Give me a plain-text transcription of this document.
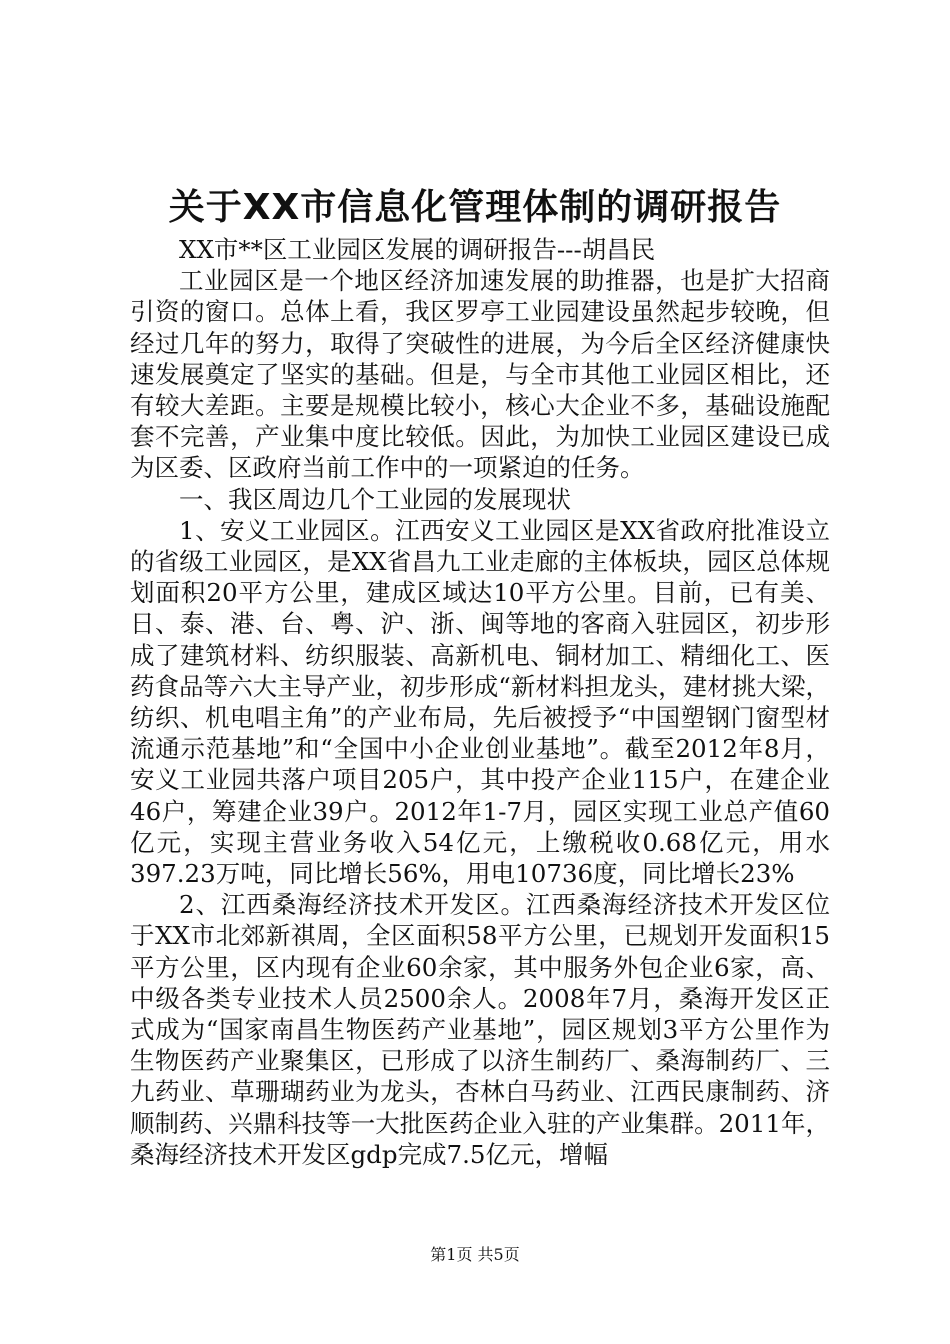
关于XX市信息化管理体制的调研报告

XX市**区工业园区发展的调研报告---胡昌民

工业园区是一个地区经济加速发展的助推器，也是扩大招商引资的窗口。总体上看，我区罗亭工业园建设虽然起步较晚，但经过几年的努力，取得了突破性的进展，为今后全区经济健康快速发展奠定了坚实的基础。但是，与全市其他工业园区相比，还有较大差距。主要是规模比较小，核心大企业不多，基础设施配套不完善，产业集中度比较低。因此，为加快工业园区建设已成为区委、区政府当前工作中的一项紧迫的任务。

一、我区周边几个工业园的发展现状

1、安义工业园区。江西安义工业园区是XX省政府批准设立的省级工业园区，是XX省昌九工业走廊的主体板块，园区总体规划面积20平方公里，建成区域达10平方公里。目前，已有美、日、泰、港、台、粤、沪、浙、闽等地的客商入驻园区，初步形成了建筑材料、纺织服装、高新机电、铜材加工、精细化工、医药食品等六大主导产业，初步形成“新材料担龙头，建材挑大梁，纺织、机电唱主角”的产业布局，先后被授予“中国塑钢门窗型材流通示范基地”和“全国中小企业创业基地”。截至2012年8月，安义工业园共落户项目205户，其中投产企业115户，在建企业46户，筹建企业39户。2012年1-7月，园区实现工业总产值60亿元，实现主营业务收入54亿元，上缴税收0.68亿元，用水397.23万吨，同比增长56%，用电10736度，同比增长23%

2、江西桑海经济技术开发区。江西桑海经济技术开发区位于XX市北郊新祺周，全区面积58平方公里，已规划开发面积15平方公里，区内现有企业60余家，其中服务外包企业6家，高、中级各类专业技术人员2500余人。2008年7月，桑海开发区正式成为“国家南昌生物医药产业基地”，园区规划3平方公里作为生物医药产业聚集区，已形成了以济生制药厂、桑海制药厂、三九药业、草珊瑚药业为龙头，杏林白马药业、江西民康制药、济顺制药、兴鼎科技等一大批医药企业入驻的产业集群。2011年，桑海经济技术开发区gdp完成7.5亿元，增幅

第1页 共5页
